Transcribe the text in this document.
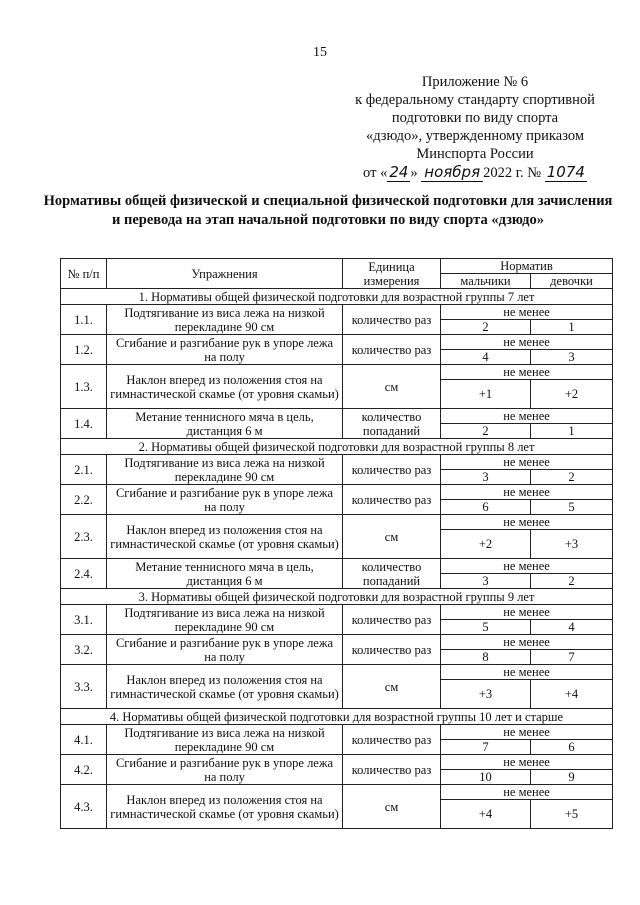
15
Приложение № 6
к федеральному стандарту спортивной
подготовки по виду спорта
«дзюдо», утвержденному приказом
Минспорта России
от « 24 » ноября 2022 г. № 1074
Нормативы общей физической и специальной физической подготовки для зачисления и перевода на этап начальной подготовки по виду спорта «дзюдо»
№ п/п	Упражнения	Единица измерения	Норматив	
			мальчики	девочки
1. Нормативы общей физической подготовки для возрастной группы 7 лет				
1.1.	Подтягивание из виса лежа на низкой перекладине 90 см	количество раз	не менее	
			2	1
1.2.	Сгибание и разгибание рук в упоре лежа на полу	количество раз	не менее	
			4	3
1.3.	Наклон вперед из положения стоя на гимнастической скамье (от уровня скамьи)	см	не менее	
			+1	+2
1.4.	Метание теннисного мяча в цель, дистанция 6 м	количество попаданий	не менее	
			2	1
2. Нормативы общей физической подготовки для возрастной группы 8 лет				
2.1.	Подтягивание из виса лежа на низкой перекладине 90 см	количество раз	не менее	
			3	2
2.2.	Сгибание и разгибание рук в упоре лежа на полу	количество раз	не менее	
			6	5
2.3.	Наклон вперед из положения стоя на гимнастической скамье (от уровня скамьи)	см	не менее	
			+2	+3
2.4.	Метание теннисного мяча в цель, дистанция 6 м	количество попаданий	не менее	
			3	2
3. Нормативы общей физической подготовки для возрастной группы 9 лет				
3.1.	Подтягивание из виса лежа на низкой перекладине 90 см	количество раз	не менее	
			5	4
3.2.	Сгибание и разгибание рук в упоре лежа на полу	количество раз	не менее	
			8	7
3.3.	Наклон вперед из положения стоя на гимнастической скамье (от уровня скамьи)	см	не менее	
			+3	+4
4. Нормативы общей физической подготовки для возрастной группы 10 лет и старше				
4.1.	Подтягивание из виса лежа на низкой перекладине 90 см	количество раз	не менее	
			7	6
4.2.	Сгибание и разгибание рук в упоре лежа на полу	количество раз	не менее	
			10	9
4.3.	Наклон вперед из положения стоя на гимнастической скамье (от уровня скамьи)	см	не менее	
			+4	+5
